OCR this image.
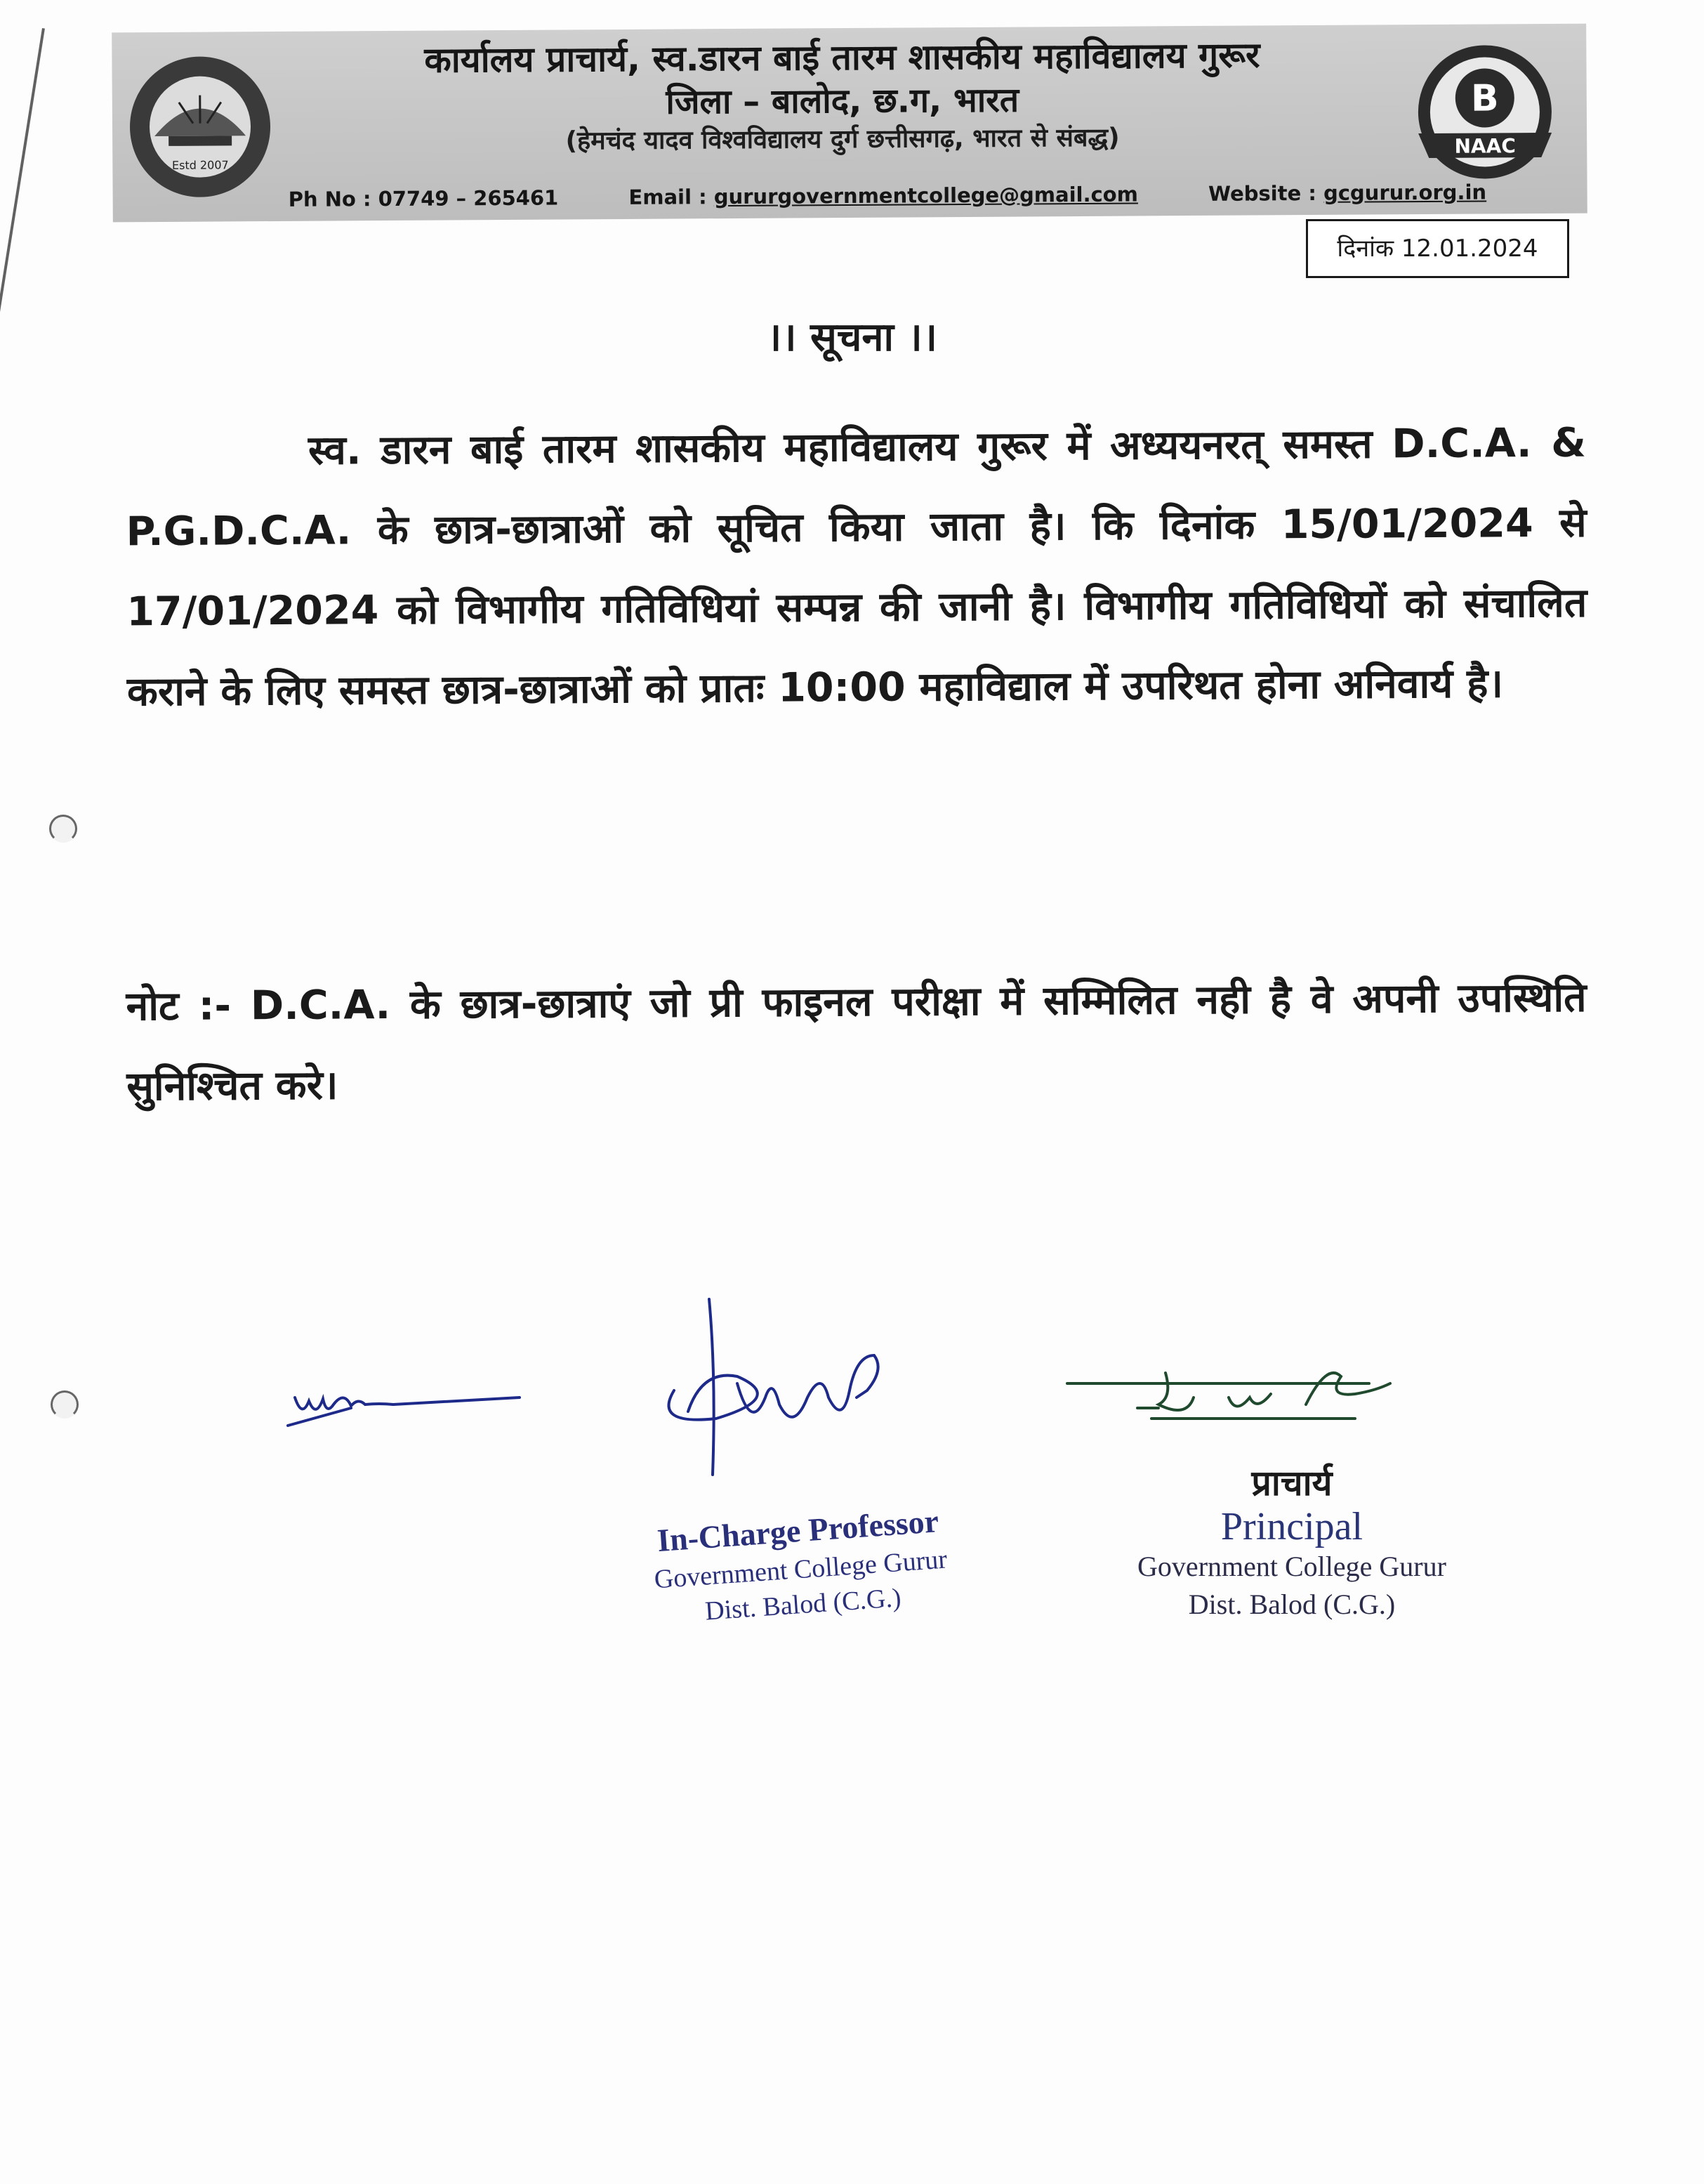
Estd 2007
कार्यालय प्राचार्य, स्व.डारन बाई तारम शासकीय महाविद्यालय गुरूर
जिला – बालोद, छ.ग, भारत
(हेमचंद यादव विश्वविद्यालय दुर्ग छत्तीसगढ़, भारत से संबद्ध)
Ph No : 07749 – 265461	Email : gururgovernmentcollege@gmail.com	Website : gcgurur.org.in
B
NAAC
दिनांक 12.01.2024
।। सूचना ।।
स्व. डारन बाई तारम शासकीय महाविद्यालय गुरूर में अध्ययनरत् समस्त D.C.A. & P.G.D.C.A. के छात्र-छात्राओं को सूचित किया जाता है। कि दिनांक 15/01/2024 से 17/01/2024 को विभागीय गतिविधियां सम्पन्न की जानी है। विभागीय गतिविधियों को संचालित कराने के लिए समस्त छात्र-छात्राओं को प्रातः 10:00 महाविद्याल में उपरिथत होना अनिवार्य है।
नोट :- D.C.A. के छात्र-छात्राएं जो प्री फाइनल परीक्षा में सम्मिलित नही है वे अपनी उपस्थिति सुनिश्चित करे।
In-Charge Professor
Government College Gurur
Dist. Balod (C.G.)
प्राचार्य
Principal
Government College Gurur
Dist. Balod (C.G.)
